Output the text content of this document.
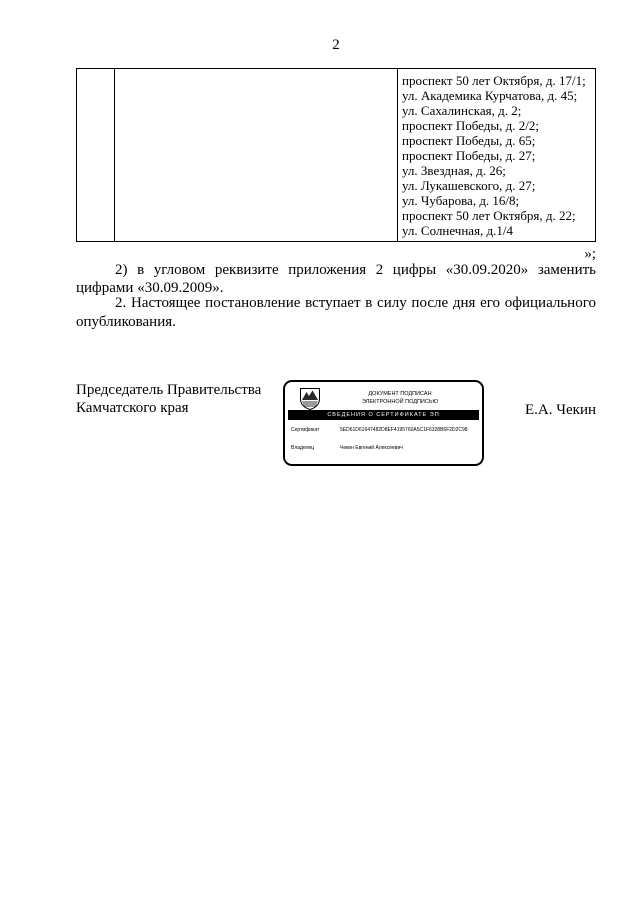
2
проспект 50 лет Октября, д. 17/1;
ул. Академика Курчатова, д. 45;
ул. Сахалинская, д. 2;
проспект Победы, д. 2/2;
проспект Победы, д. 65;
проспект Победы, д. 27;
ул. Звездная, д. 26;
ул. Лукашевского, д. 27;
ул. Чубарова, д. 16/8;
проспект 50 лет Октября, д. 22;
ул. Солнечная, д.1/4
»;
2) в угловом реквизите приложения 2 цифры «30.09.2020» заменить
цифрами «30.09.2009».
2. Настоящее постановление вступает в силу после дня его официального
опубликования.
Председатель Правительства
Камчатского края	Е.А. Чекин
ДОКУМЕНТ ПОДПИСАН
ЭЛЕКТРОННОЙ ПОДПИСЬЮ
СВЕДЕНИЯ О СЕРТИФИКАТЕ ЭП
Сертификат	5ED61D61647482D8EF4195760A5C1F6328B6F2D2C98
Владелец	Чекин Евгений Алексеевич
